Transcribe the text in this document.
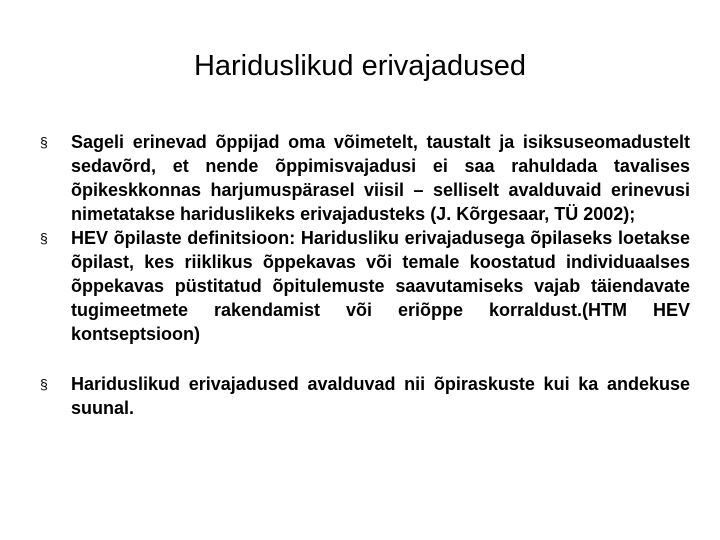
Hariduslikud erivajadused
§	Sageli erinevad õppijad oma võimetelt, taustalt ja isiksuseomadustelt sedavõrd, et nende õppimisvajadusi ei saa rahuldada tavalises õpikeskkonnas harjumuspärasel viisil – selliselt avalduvaid erinevusi nimetatakse hariduslikeks erivajadusteks (J. Kõrgesaar, TÜ 2002);
§	HEV õpilaste definitsioon: Haridusliku erivajadusega õpilaseks loetakse õpilast, kes riiklikus õppekavas või temale koostatud individuaalses õppekavas püstitatud õpitulemuste saavutamiseks vajab täiendavate tugimeetmete rakendamist või eriõppe korraldust.(HTM HEV kontseptsioon)
§	Hariduslikud erivajadused avalduvad nii õpiraskuste kui ka andekuse suunal.
